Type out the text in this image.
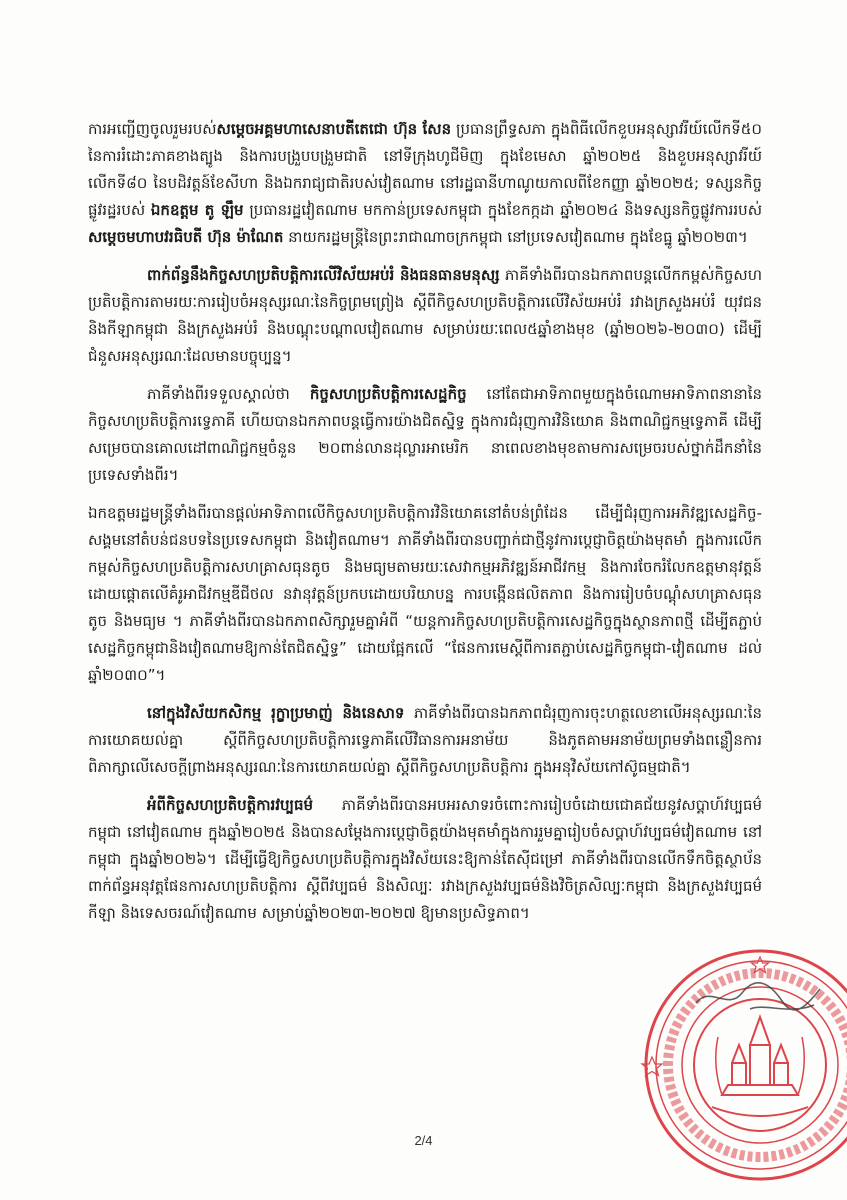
ការអញ្ជើញចូលរួមរបស់សម្តេចអគ្គមហាសេនាបតីតេជោ ហ៊ុន សែន ប្រធានព្រឹទ្ធសភា ក្នុងពិធីលើកខួបអនុស្សាវរីយ៍លើកទី៥០ នៃការរំដោះភាគខាងត្បូង និងការបង្រួបបង្រួមជាតិ នៅទីក្រុងហូជីមិញ ក្នុងខែមេសា ឆ្នាំ២០២៥ និងខួបអនុស្សាវរីយ៍លើកទី៨០ នៃបដិវត្តន៍ខែសីហា និងឯករាជ្យជាតិរបស់វៀតណាម នៅរដ្ឋធានីហាណូយកាលពីខែកញ្ញា ឆ្នាំ២០២៥; ទស្សនកិច្ចផ្លូវរដ្ឋរបស់ ឯកឧត្តម តូ ឡឹម ប្រធានរដ្ឋវៀតណាម មកកាន់ប្រទេសកម្ពុជា ក្នុងខែកក្កដា ឆ្នាំ២០២៤ និងទស្សនកិច្ចផ្លូវការរបស់ សម្តេចមហាបវរធិបតី ហ៊ុន ម៉ាណែត នាយករដ្ឋមន្ត្រីនៃព្រះរាជាណាចក្រកម្ពុជា នៅប្រទេសវៀតណាម ក្នុងខែធ្នូ ឆ្នាំ២០២៣។

ពាក់ព័ន្ធនឹងកិច្ចសហប្រតិបត្តិការលើវិស័យអប់រំ និងធនធានមនុស្ស ភាគីទាំងពីរបានឯកភាពបន្តលើកកម្ពស់កិច្ចសហប្រតិបត្តិការតាមរយៈការរៀបចំអនុស្សរណៈនៃកិច្ចព្រមព្រៀង ស្តីពីកិច្ចសហប្រតិបត្តិការលើវិស័យអប់រំ រវាងក្រសួងអប់រំ យុវជន និងកីឡាកម្ពុជា និងក្រសួងអប់រំ និងបណ្តុះបណ្តាលវៀតណាម សម្រាប់រយៈពេល៥ឆ្នាំខាងមុខ (ឆ្នាំ២០២៦-២០៣០) ដើម្បីជំនួសអនុស្សរណៈដែលមានបច្ចុប្បន្ន។

ភាគីទាំងពីរទទួលស្គាល់ថា កិច្ចសហប្រតិបត្តិការសេដ្ឋកិច្ច នៅតែជាអាទិភាពមួយក្នុងចំណោមអាទិភាពនានានៃកិច្ចសហប្រតិបត្តិការទ្វេភាគី ហើយបានឯកភាពបន្តធ្វើការយ៉ាងជិតស្និទ្ធ ក្នុងការជំរុញការវិនិយោគ និងពាណិជ្ជកម្មទ្វេភាគី ដើម្បីសម្រេចបានគោលដៅពាណិជ្ជកម្មចំនួន ២០ពាន់លានដុល្លារអាមេរិក នាពេលខាងមុខតាមការសម្រេចរបស់ថ្នាក់ដឹកនាំនៃប្រទេសទាំងពីរ។

ឯកឧត្តមរដ្ឋមន្ត្រីទាំងពីរបានផ្តល់អាទិភាពលើកិច្ចសហប្រតិបត្តិការវិនិយោគនៅតំបន់ព្រំដែន ដើម្បីជំរុញការអភិវឌ្ឍសេដ្ឋកិច្ច-សង្គមនៅតំបន់ជនបទនៃប្រទេសកម្ពុជា និងវៀតណាម។ ភាគីទាំងពីរបានបញ្ជាក់ជាថ្មីនូវការប្តេជ្ញាចិត្តយ៉ាងមុតមាំ ក្នុងការលើកកម្ពស់កិច្ចសហប្រតិបត្តិការសហគ្រាសធុនតូច និងមធ្យមតាមរយៈសេវាកម្មអភិវឌ្ឍន៍អាជីវកម្ម និងការចែករំលែកឧត្តមានុវត្តន៍ ដោយផ្តោតលើគំរូអាជីវកម្មឌីជីថល នវានុវត្តន៍ប្រកបដោយបរិយាបន្ន ការបង្កើនផលិតភាព និងការរៀបចំបណ្តុំសហគ្រាសធុនតូច និងមធ្យម ។ ភាគីទាំងពីរបានឯកភាពសិក្សារួមគ្នាអំពី “យន្តការកិច្ចសហប្រតិបត្តិការសេដ្ឋកិច្ចក្នុងស្ថានភាពថ្មី ដើម្បីតភ្ជាប់សេដ្ឋកិច្ចកម្ពុជានិងវៀតណាមឱ្យកាន់តែជិតស្និទ្ធ” ដោយផ្អែកលើ “ផែនការមេស្តីពីការតភ្ជាប់សេដ្ឋកិច្ចកម្ពុជា-វៀតណាម ដល់ឆ្នាំ២០៣០”។

នៅក្នុងវិស័យកសិកម្ម រុក្ខាប្រមាញ់ និងនេសាទ ភាគីទាំងពីរបានឯកភាពជំរុញការចុះហត្ថលេខាលើអនុស្សរណៈនៃការយោគយល់គ្នា ស្តីពីកិច្ចសហប្រតិបត្តិការទ្វេភាគីលើវិធានការអនាម័យ និងភូតគាមអនាម័យព្រមទាំងពន្លឿនការពិភាក្សាលើសេចក្តីព្រាងអនុស្សរណៈនៃការយោគយល់គ្នា ស្តីពីកិច្ចសហប្រតិបត្តិការ ក្នុងអនុវិស័យកៅស៊ូធម្មជាតិ។

អំពីកិច្ចសហប្រតិបត្តិការវប្បធម៌ ភាគីទាំងពីរបានអបអរសាទរចំពោះការរៀបចំដោយជោគជ័យនូវសប្តាហ៍វប្បធម៌កម្ពុជា នៅវៀតណាម ក្នុងឆ្នាំ២០២៥ និងបានសម្តែងការប្តេជ្ញាចិត្តយ៉ាងមុតមាំក្នុងការរួមគ្នារៀបចំសប្តាហ៍វប្បធម៌វៀតណាម នៅកម្ពុជា ក្នុងឆ្នាំ២០២៦។ ដើម្បីធ្វើឱ្យកិច្ចសហប្រតិបត្តិការក្នុងវិស័យនេះឱ្យកាន់តែស៊ីជម្រៅ ភាគីទាំងពីរបានលើកទឹកចិត្តស្ថាប័នពាក់ព័ន្ធអនុវត្តផែនការសហប្រតិបត្តិការ ស្តីពីវប្បធម៌ និងសិល្បៈ រវាងក្រសួងវប្បធម៌និងវិចិត្រសិល្បៈកម្ពុជា និងក្រសួងវប្បធម៌ កីឡា និងទេសចរណ៍វៀតណាម សម្រាប់ឆ្នាំ២០២៣-២០២៧ ឱ្យមានប្រសិទ្ធភាព។

2/4
